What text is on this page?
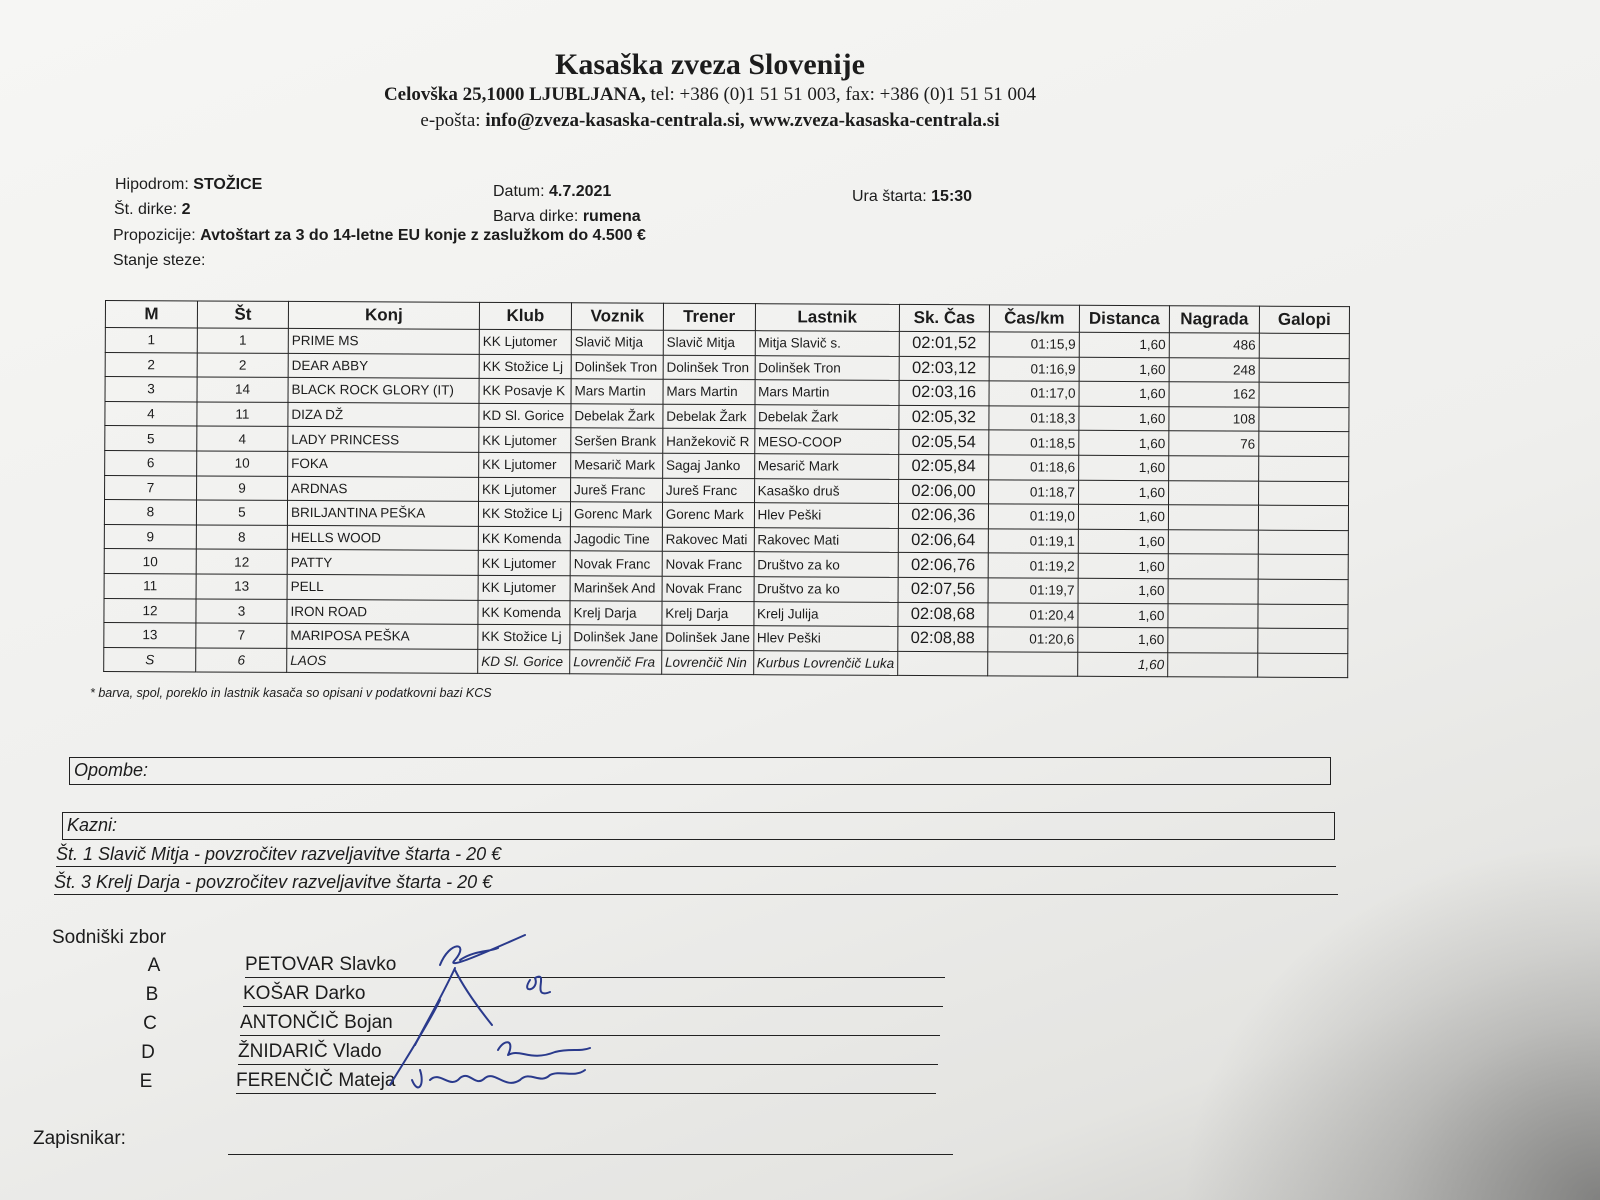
Kasaška zveza Slovenije
Celovška 25,1000 LJUBLJANA, tel: +386 (0)1 51 51 003, fax: +386 (0)1 51 51 004
e-pošta: info@zveza-kasaska-centrala.si, www.zveza-kasaska-centrala.si
Hipodrom: STOŽICE
Št. dirke: 2
Propozicije: Avtoštart za 3 do 14-letne EU konje z zaslužkom do 4.500 €
Stanje steze:
Datum: 4.7.2021
Barva dirke: rumena
Ura štarta: 15:30
M	Št	Konj	Klub	Voznik	Trener	Lastnik	Sk. Čas	Čas/km	Distanca	Nagrada	Galopi
1	1	PRIME MS	KK Ljutomer	Slavič Mitja	Slavič Mitja	Mitja Slavič s.	02:01,52	01:15,9	1,60	486	
2	2	DEAR ABBY	KK Stožice Lj	Dolinšek Tron	Dolinšek Tron	Dolinšek Tron	02:03,12	01:16,9	1,60	248	
3	14	BLACK ROCK GLORY (IT)	KK Posavje K	Mars Martin	Mars Martin	Mars Martin	02:03,16	01:17,0	1,60	162	
4	11	DIZA DŽ	KD Sl. Gorice	Debelak Žark	Debelak Žark	Debelak Žark	02:05,32	01:18,3	1,60	108	
5	4	LADY PRINCESS	KK Ljutomer	Seršen Brank	Hanžekovič R	MESO-COOP	02:05,54	01:18,5	1,60	76	
6	10	FOKA	KK Ljutomer	Mesarič Mark	Sagaj Janko	Mesarič Mark	02:05,84	01:18,6	1,60		
7	9	ARDNAS	KK Ljutomer	Jureš Franc	Jureš Franc	Kasaško druš	02:06,00	01:18,7	1,60		
8	5	BRILJANTINA PEŠKA	KK Stožice Lj	Gorenc Mark	Gorenc Mark	Hlev Peški	02:06,36	01:19,0	1,60		
9	8	HELLS WOOD	KK Komenda	Jagodic Tine	Rakovec Mati	Rakovec Mati	02:06,64	01:19,1	1,60		
10	12	PATTY	KK Ljutomer	Novak Franc	Novak Franc	Društvo za ko	02:06,76	01:19,2	1,60		
11	13	PELL	KK Ljutomer	Marinšek And	Novak Franc	Društvo za ko	02:07,56	01:19,7	1,60		
12	3	IRON ROAD	KK Komenda	Krelj Darja	Krelj Darja	Krelj Julija	02:08,68	01:20,4	1,60		
13	7	MARIPOSA PEŠKA	KK Stožice Lj	Dolinšek Jane	Dolinšek Jane	Hlev Peški	02:08,88	01:20,6	1,60		
S	6	LAOS	KD Sl. Gorice	Lovrenčič Fra	Lovrenčič Nin	Kurbus Lovrenčič Luka			1,60		
* barva, spol, poreklo in lastnik kasača so opisani v podatkovni bazi KCS
Opombe:
Kazni:
Št. 1 Slavič Mitja - povzročitev razveljavitve štarta - 20 €
Št. 3 Krelj Darja - povzročitev razveljavitve štarta - 20 €
Sodniški zbor
A	PETOVAR Slavko
B	KOŠAR Darko
C	ANTONČIČ Bojan
D	ŽNIDARIČ Vlado
E	FERENČIČ Mateja
Zapisnikar:
